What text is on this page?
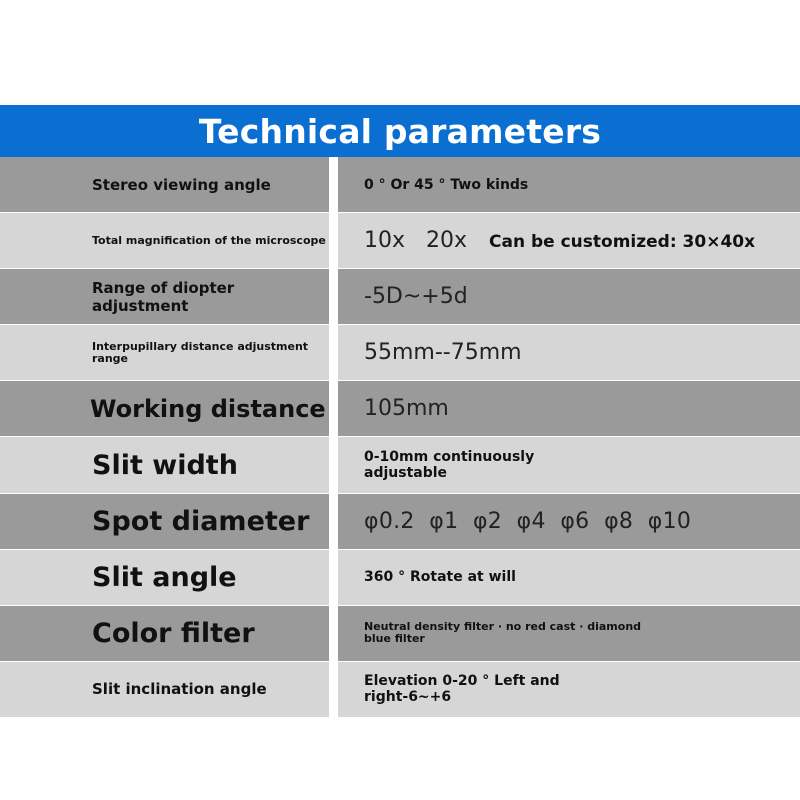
Technical parameters
Stereo viewing angle	0 ° Or 45 ° Two kinds
Total magnification of the microscope 10x   20x Can be customized: 30×40x
Range of diopter adjustment	-5D~+5d
Interpupillary distance adjustment range	55mm--75mm
Working distance 105mm
Slit width	0-10mm continuously adjustable
Spot diameter φ0.2  φ1  φ2  φ4  φ6  φ8  φ10
Slit angle	360 ° Rotate at will
Color filter	Neutral density filter · no red cast · diamond blue filter
Slit inclination angle	Elevation 0-20 ° Left and right-6~+6
